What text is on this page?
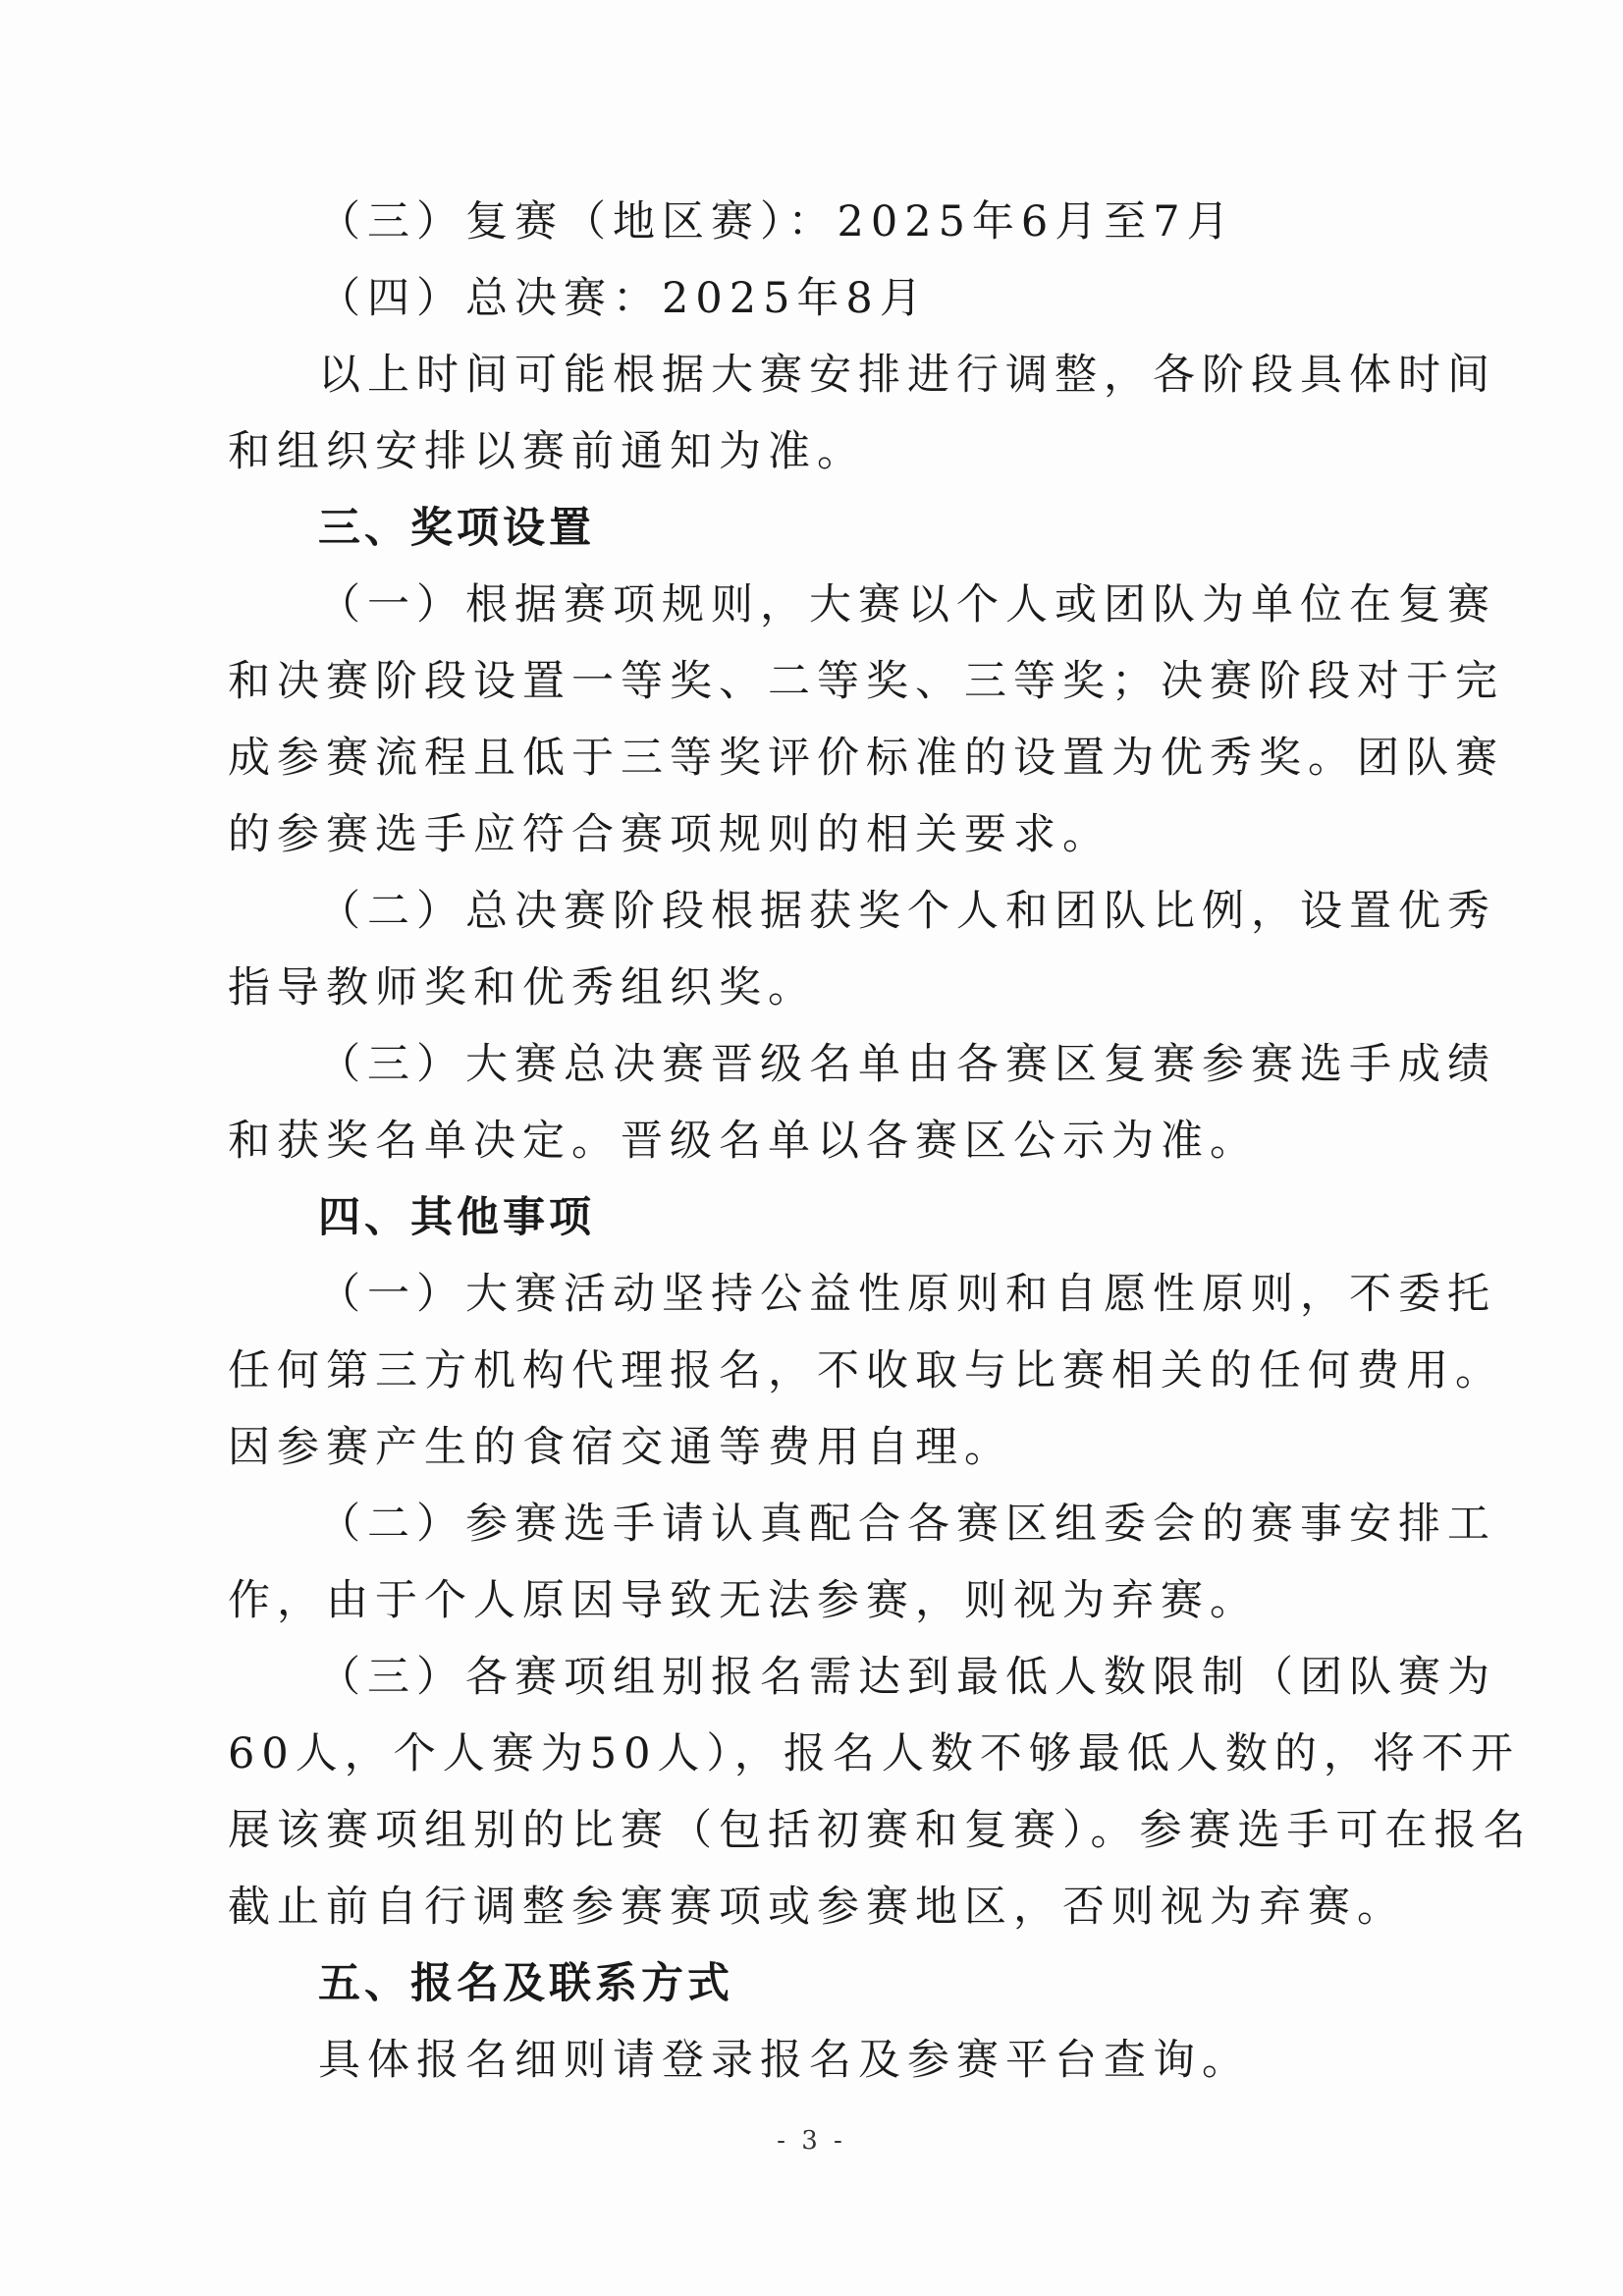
（三）复赛（地区赛）：2025年6月至7月
（四）总决赛：2025年8月
以上时间可能根据大赛安排进行调整，各阶段具体时间
和组织安排以赛前通知为准。
三、奖项设置
（一）根据赛项规则，大赛以个人或团队为单位在复赛
和决赛阶段设置一等奖、二等奖、三等奖；决赛阶段对于完
成参赛流程且低于三等奖评价标准的设置为优秀奖。团队赛
的参赛选手应符合赛项规则的相关要求。
（二）总决赛阶段根据获奖个人和团队比例，设置优秀
指导教师奖和优秀组织奖。
（三）大赛总决赛晋级名单由各赛区复赛参赛选手成绩
和获奖名单决定。晋级名单以各赛区公示为准。
四、其他事项
（一）大赛活动坚持公益性原则和自愿性原则，不委托
任何第三方机构代理报名，不收取与比赛相关的任何费用。
因参赛产生的食宿交通等费用自理。
（二）参赛选手请认真配合各赛区组委会的赛事安排工
作，由于个人原因导致无法参赛，则视为弃赛。
（三）各赛项组别报名需达到最低人数限制（团队赛为
60人，个人赛为50人），报名人数不够最低人数的，将不开
展该赛项组别的比赛（包括初赛和复赛）。参赛选手可在报名
截止前自行调整参赛赛项或参赛地区，否则视为弃赛。
五、报名及联系方式
具体报名细则请登录报名及参赛平台查询。
- 3 -
